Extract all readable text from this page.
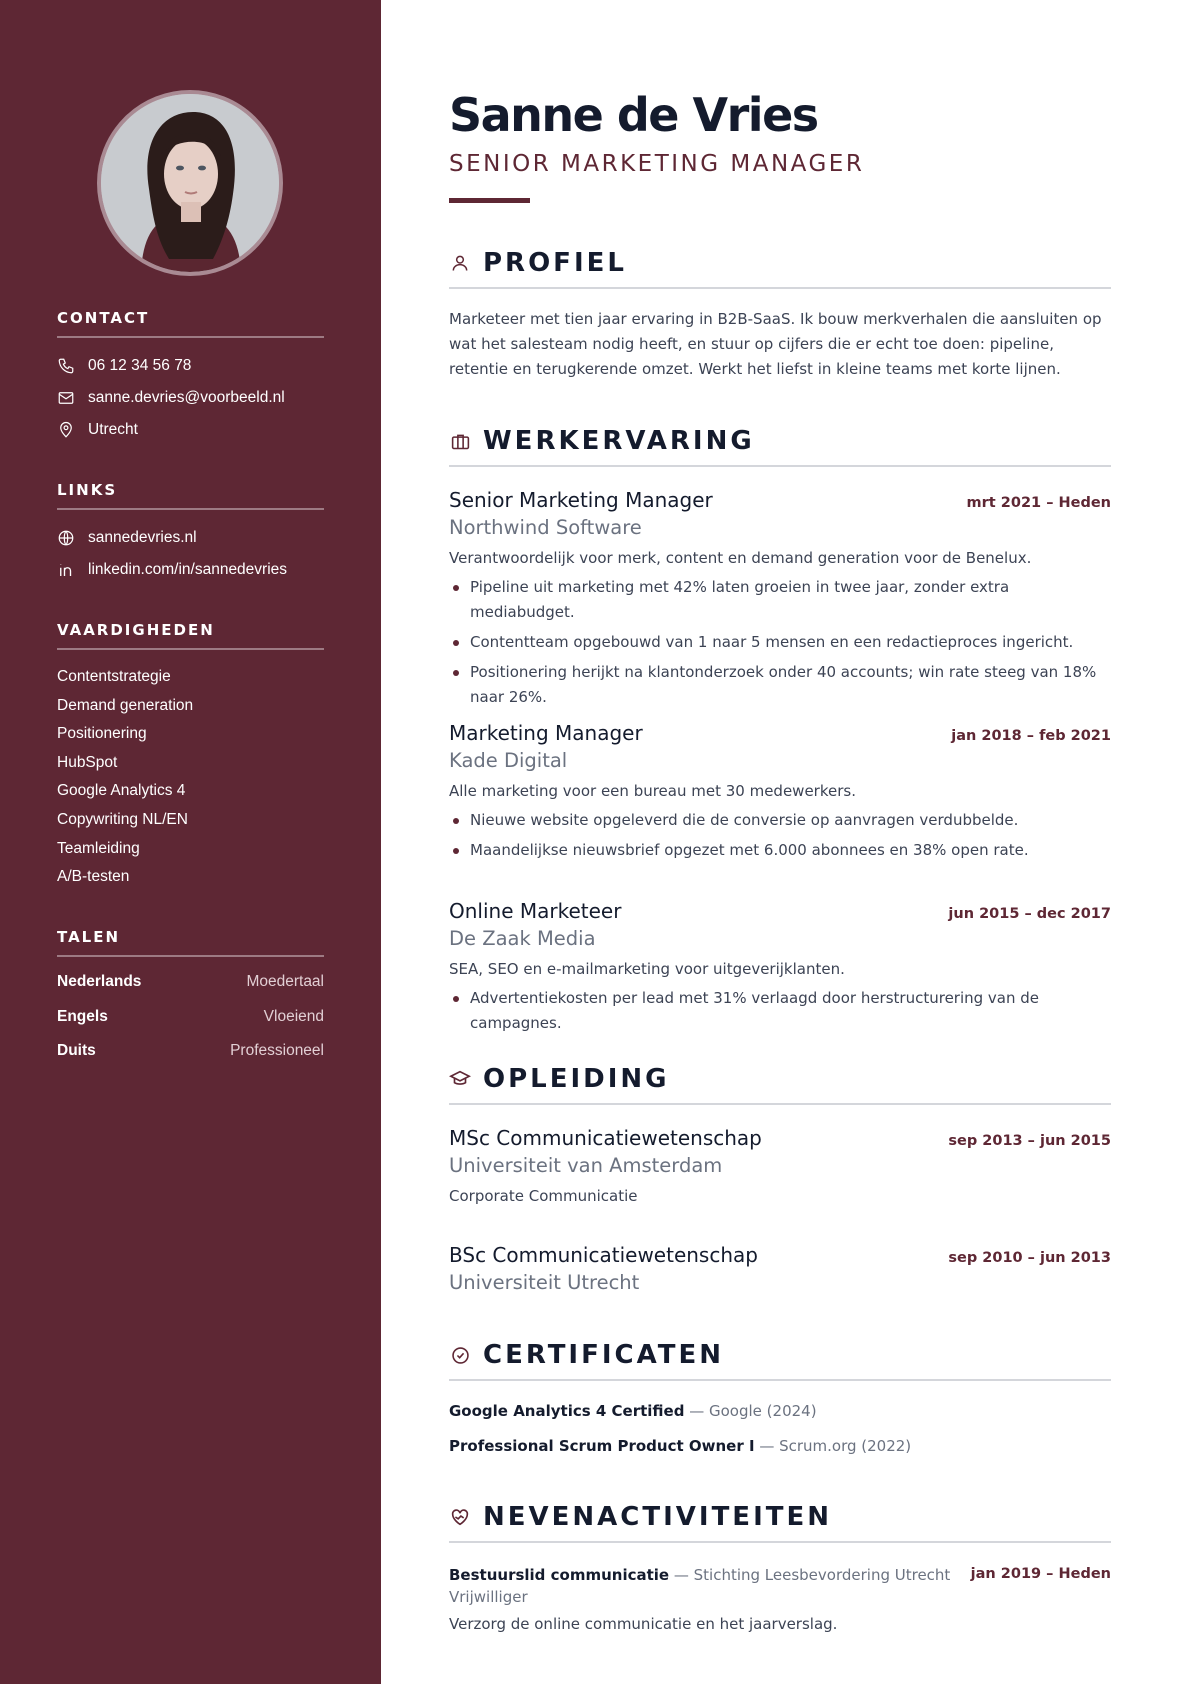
CONTACT
06 12 34 56 78
sanne.devries@voorbeeld.nl
Utrecht
LINKS
sannedevries.nl
linkedin.com/in/sannedevries
VAARDIGHEDEN
Contentstrategie
Demand generation
Positionering
HubSpot
Google Analytics 4
Copywriting NL/EN
Teamleiding
A/B-testen
TALEN
Nederlands	Moedertaal
Engels	Vloeiend
Duits	Professioneel
Sanne de Vries
SENIOR MARKETING MANAGER
PROFIEL

Marketeer met tien jaar ervaring in B2B-SaaS. Ik bouw merkverhalen die aansluiten op wat het salesteam nodig heeft, en stuur op cijfers die er echt toe doen: pipeline, retentie en terugkerende omzet. Werkt het liefst in kleine teams met korte lijnen.

WERKERVARING
Senior Marketing Manager	mrt 2021 – Heden
Northwind Software
Verantwoordelijk voor merk, content en demand generation voor de Benelux.
Pipeline uit marketing met 42% laten groeien in twee jaar, zonder extra mediabudget.
Contentteam opgebouwd van 1 naar 5 mensen en een redactieproces ingericht.
Positionering herijkt na klantonderzoek onder 40 accounts; win rate steeg van 18% naar 26%.
Marketing Manager	jan 2018 – feb 2021
Kade Digital
Alle marketing voor een bureau met 30 medewerkers.
Nieuwe website opgeleverd die de conversie op aanvragen verdubbelde.
Maandelijkse nieuwsbrief opgezet met 6.000 abonnees en 38% open rate.
Online Marketeer	jun 2015 – dec 2017
De Zaak Media
SEA, SEO en e-mailmarketing voor uitgeverijklanten.
Advertentiekosten per lead met 31% verlaagd door herstructurering van de campagnes.
OPLEIDING
MSc Communicatiewetenschap	sep 2013 – jun 2015
Universiteit van Amsterdam
Corporate Communicatie
BSc Communicatiewetenschap	sep 2010 – jun 2013
Universiteit Utrecht
CERTIFICATEN
Google Analytics 4 Certified — Google (2024)
Professional Scrum Product Owner I — Scrum.org (2022)
NEVENACTIVITEITEN
Bestuurslid communicatie — Stichting Leesbevordering Utrecht jan 2019 – Heden
Vrijwilliger
Verzorg de online communicatie en het jaarverslag.
